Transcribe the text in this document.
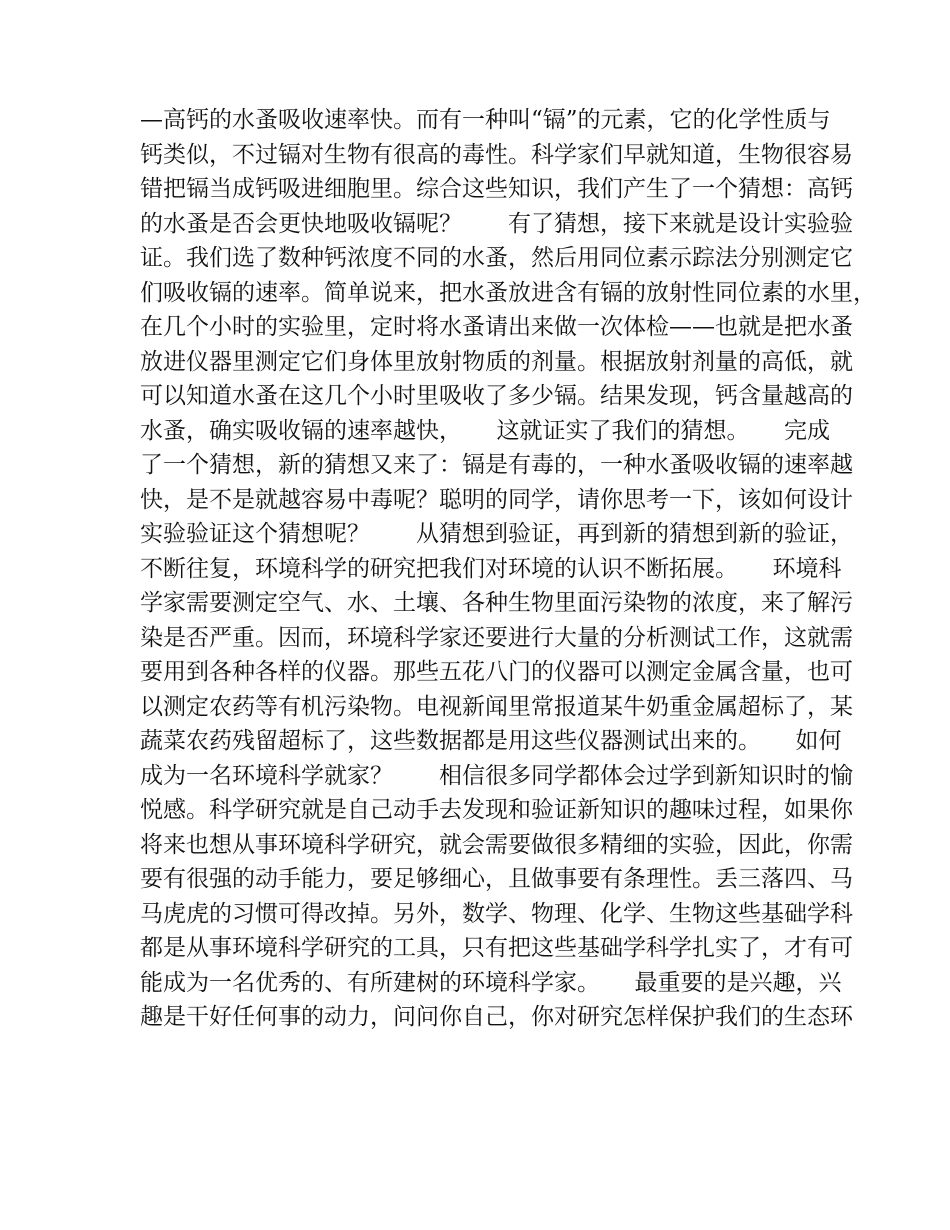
—高钙的水蚤吸收速率快。而有一种叫“镉”的元素，它的化学性质与
钙类似，不过镉对生物有很高的毒性。科学家们早就知道，生物很容易
错把镉当成钙吸进细胞里。综合这些知识，我们产生了一个猜想：高钙
的水蚤是否会更快地吸收镉呢？　　有了猜想，接下来就是设计实验验
证。我们选了数种钙浓度不同的水蚤，然后用同位素示踪法分别测定它
们吸收镉的速率。简单说来，把水蚤放进含有镉的放射性同位素的水里，
在几个小时的实验里，定时将水蚤请出来做一次体检——也就是把水蚤
放进仪器里测定它们身体里放射物质的剂量。根据放射剂量的高低，就
可以知道水蚤在这几个小时里吸收了多少镉。结果发现，钙含量越高的
水蚤，确实吸收镉的速率越快，　　这就证实了我们的猜想。　　完成
了一个猜想，新的猜想又来了：镉是有毒的，一种水蚤吸收镉的速率越
快，是不是就越容易中毒呢？聪明的同学，请你思考一下，该如何设计
实验验证这个猜想呢？　　从猜想到验证，再到新的猜想到新的验证，
不断往复，环境科学的研究把我们对环境的认识不断拓展。　　环境科
学家需要测定空气、水、土壤、各种生物里面污染物的浓度，来了解污
染是否严重。因而，环境科学家还要进行大量的分析测试工作，这就需
要用到各种各样的仪器。那些五花八门的仪器可以测定金属含量，也可
以测定农药等有机污染物。电视新闻里常报道某牛奶重金属超标了，某
蔬菜农药残留超标了，这些数据都是用这些仪器测试出来的。　　如何
成为一名环境科学就家？　　相信很多同学都体会过学到新知识时的愉
悦感。科学研究就是自己动手去发现和验证新知识的趣味过程，如果你
将来也想从事环境科学研究，就会需要做很多精细的实验，因此，你需
要有很强的动手能力，要足够细心，且做事要有条理性。丢三落四、马
马虎虎的习惯可得改掉。另外，数学、物理、化学、生物这些基础学科
都是从事环境科学研究的工具，只有把这些基础学科学扎实了，才有可
能成为一名优秀的、有所建树的环境科学家。　　最重要的是兴趣，兴
趣是干好任何事的动力，问问你自己，你对研究怎样保护我们的生态环
